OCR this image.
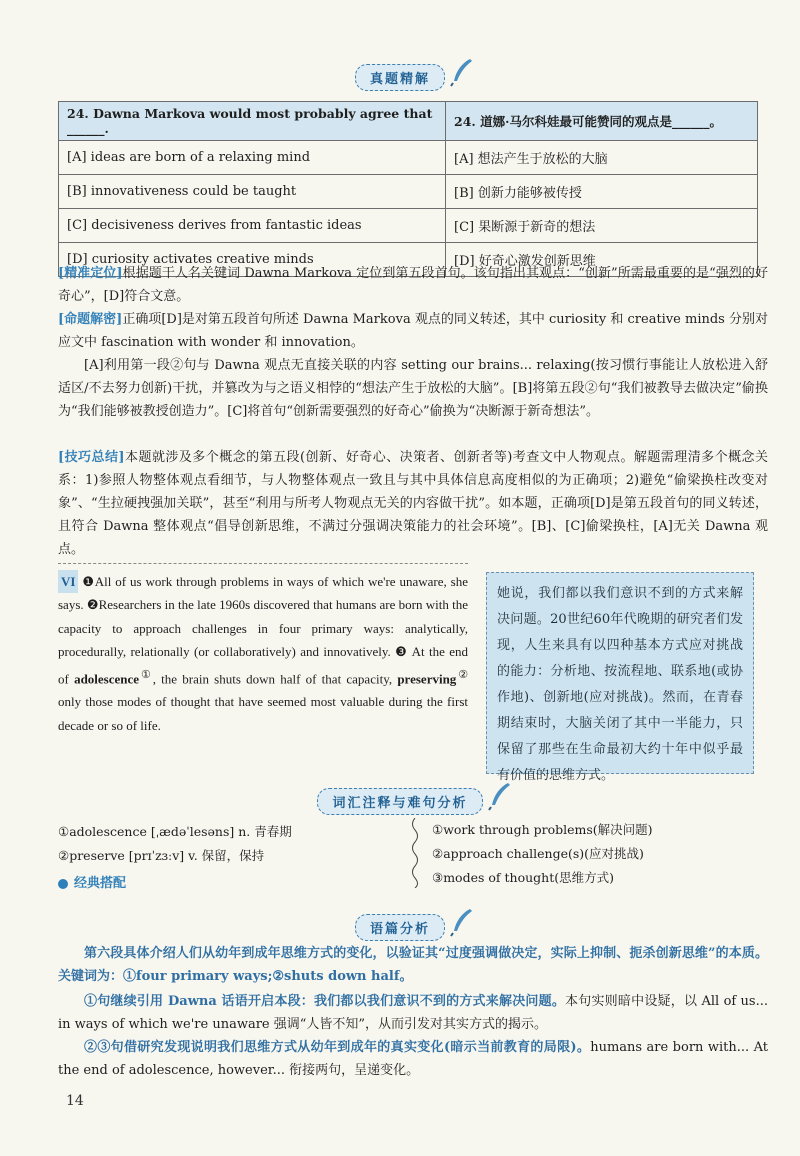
真题精解
24. Dawna Markova would most probably agree that ______.	24. 道娜·马尔科娃最可能赞同的观点是______。
[A] ideas are born of a relaxing mind	[A] 想法产生于放松的大脑
[B] innovativeness could be taught	[B] 创新力能够被传授
[C] decisiveness derives from fantastic ideas	[C] 果断源于新奇的想法
[D] curiosity activates creative minds	[D] 好奇心激发创新思维
[精准定位]根据题干人名关键词 Dawna Markova 定位到第五段首句。该句指出其观点：“创新”所需最重要的是“强烈的好奇心”，[D]符合文意。
[命题解密]正确项[D]是对第五段首句所述 Dawna Markova 观点的同义转述，其中 curiosity 和 creative minds 分别对应文中 fascination with wonder 和 innovation。
[A]利用第一段②句与 Dawna 观点无直接关联的内容 setting our brains... relaxing(按习惯行事能让人放松进入舒适区/不去努力创新)干扰，并篡改为与之语义相悖的“想法产生于放松的大脑”。[B]将第五段②句“我们被教导去做决定”偷换为“我们能够被教授创造力”。[C]将首句“创新需要强烈的好奇心”偷换为“决断源于新奇想法”。
[技巧总结]本题就涉及多个概念的第五段(创新、好奇心、决策者、创新者等)考查文中人物观点。解题需理清多个概念关系：1)参照人物整体观点看细节，与人物整体观点一致且与其中具体信息高度相似的为正确项；2)避免“偷梁换柱改变对象”、“生拉硬拽强加关联”，甚至“利用与所考人物观点无关的内容做干扰”。如本题，正确项[D]是第五段首句的同义转述，且符合 Dawna 整体观点“倡导创新思维，不满过分强调决策能力的社会环境”。[B]、[C]偷梁换柱，[A]无关 Dawna 观点。
VI ❶All of us work through problems in ways of which we're unaware, she says. ❷Researchers in the late 1960s discovered that humans are born with the capacity to approach challenges in four primary ways: analytically, procedurally, relationally (or collaboratively) and innovatively. ❸ At the end of adolescence①, the brain shuts down half of that capacity, preserving② only those modes of thought that have seemed most valuable during the first decade or so of life.
她说，我们都以我们意识不到的方式来解决问题。20世纪60年代晚期的研究者们发现，人生来具有以四种基本方式应对挑战的能力：分析地、按流程地、联系地(或协作地)、创新地(应对挑战)。然而，在青春期结束时，大脑关闭了其中一半能力，只保留了那些在生命最初大约十年中似乎最有价值的思维方式。
词汇注释与难句分析
①adolescence [ˌædəˈlesəns] n. 青春期
②preserve [prɪˈzɜːv] v. 保留，保持
①work through problems(解决问题)
②approach challenge(s)(应对挑战)
③modes of thought(思维方式)
经典搭配
语篇分析
第六段具体介绍人们从幼年到成年思维方式的变化，以验证其“过度强调做决定，实际上抑制、扼杀创新思维”的本质。关键词为：①four primary ways;②shuts down half。
①句继续引用 Dawna 话语开启本段：我们都以我们意识不到的方式来解决问题。本句实则暗中设疑，以 All of us... in ways of which we're unaware 强调“人皆不知”，从而引发对其实方式的揭示。
②③句借研究发现说明我们思维方式从幼年到成年的真实变化(暗示当前教育的局限)。humans are born with... At the end of adolescence, however... 衔接两句，呈递变化。
14
